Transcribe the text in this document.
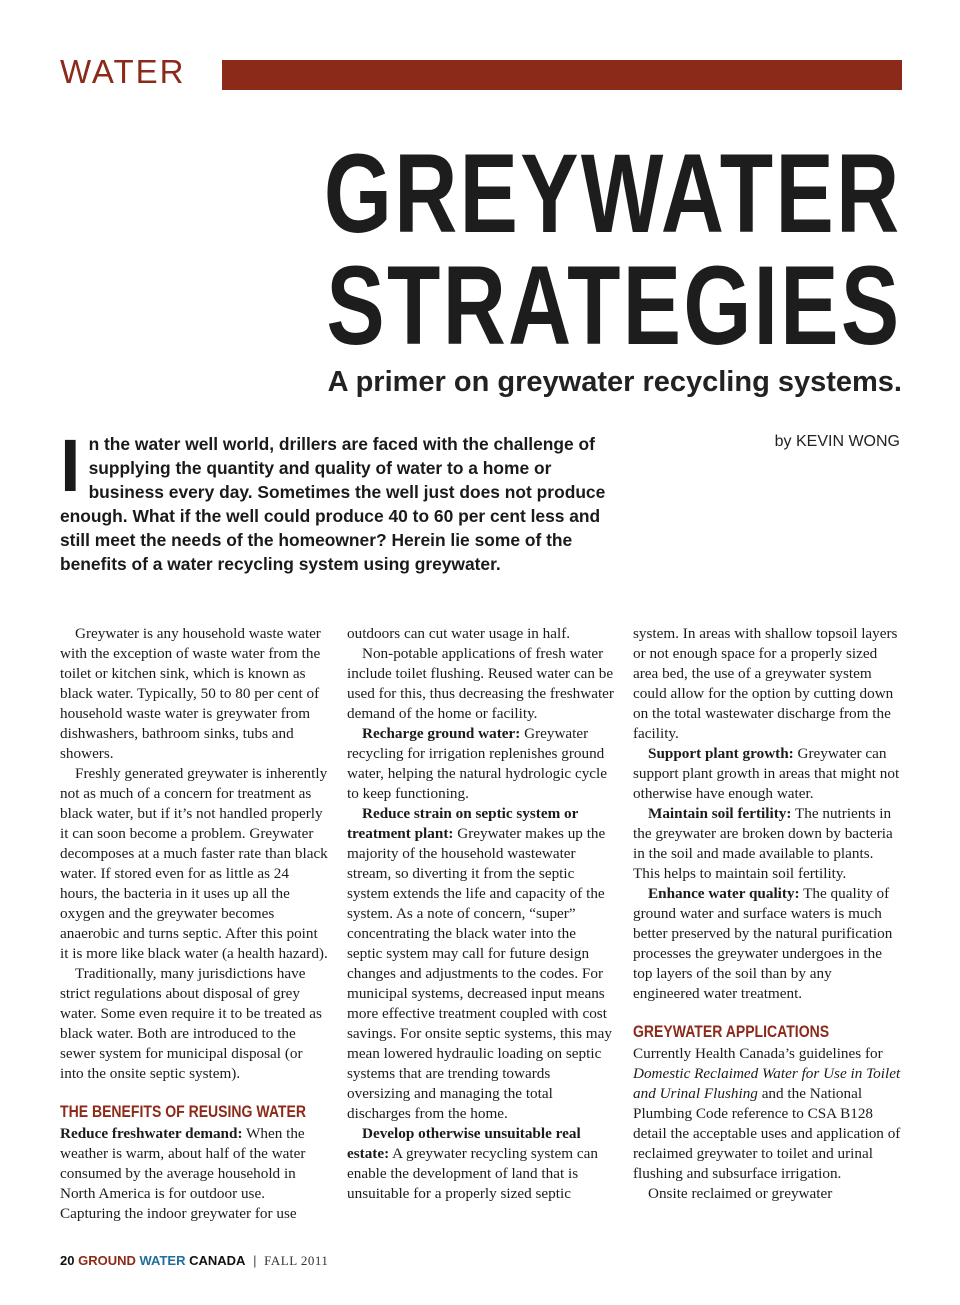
WATER
GREYWATER
STRATEGIES
A primer on greywater recycling systems.
by KEVIN WONG

In the water well world, drillers are faced with the challenge of supplying the quantity and quality of water to a home or business every day. Sometimes the well just does not produce enough. What if the well could produce 40 to 60 per cent less and still meet the needs of the homeowner? Herein lie some of the benefits of a water recycling system using greywater.

Greywater is any household waste water with the exception of waste water from the toilet or kitchen sink, which is known as black water. Typically, 50 to 80 per cent of household waste water is greywater from dishwashers, bathroom sinks, tubs and showers.

Freshly generated greywater is inherently not as much of a concern for treatment as black water, but if it’s not handled properly it can soon become a problem. Greywater decomposes at a much faster rate than black water. If stored even for as little as 24 hours, the bacteria in it uses up all the oxygen and the greywater becomes anaerobic and turns septic. After this point it is more like black water (a health hazard).

Traditionally, many jurisdictions have strict regulations about disposal of grey water. Some even require it to be treated as black water. Both are introduced to the sewer system for municipal disposal (or into the onsite septic system).

THE BENEFITS OF REUSING WATER

Reduce freshwater demand: When the weather is warm, about half of the water consumed by the average household in North America is for outdoor use. Capturing the indoor greywater for use

outdoors can cut water usage in half.

Non-potable applications of fresh water include toilet flushing. Reused water can be used for this, thus decreasing the freshwater demand of the home or facility.

Recharge ground water: Greywater recycling for irrigation replenishes ground water, helping the natural hydrologic cycle to keep functioning.

Reduce strain on septic system or treatment plant: Greywater makes up the majority of the household wastewater stream, so diverting it from the septic system extends the life and capacity of the system. As a note of concern, “super” concentrating the black water into the septic system may call for future design changes and adjustments to the codes. For municipal systems, decreased input means more effective treatment coupled with cost savings. For onsite septic systems, this may mean lowered hydraulic loading on septic systems that are trending towards oversizing and managing the total discharges from the home.

Develop otherwise unsuitable real estate: A greywater recycling system can enable the development of land that is unsuitable for a properly sized septic

system. In areas with shallow topsoil layers or not enough space for a properly sized area bed, the use of a greywater system could allow for the option by cutting down on the total wastewater discharge from the facility.

Support plant growth: Greywater can support plant growth in areas that might not otherwise have enough water.

Maintain soil fertility: The nutrients in the greywater are broken down by bacteria in the soil and made available to plants. This helps to maintain soil fertility.

Enhance water quality: The quality of ground water and surface waters is much better preserved by the natural purification processes the greywater undergoes in the top layers of the soil than by any engineered water treatment.

GREYWATER APPLICATIONS

Currently Health Canada’s guidelines for Domestic Reclaimed Water for Use in Toilet and Urinal Flushing and the National Plumbing Code reference to CSA B128 detail the acceptable uses and application of reclaimed greywater to toilet and urinal flushing and subsurface irrigation.

Onsite reclaimed or greywater

20 GROUND WATER CANADA | FALL 2011
